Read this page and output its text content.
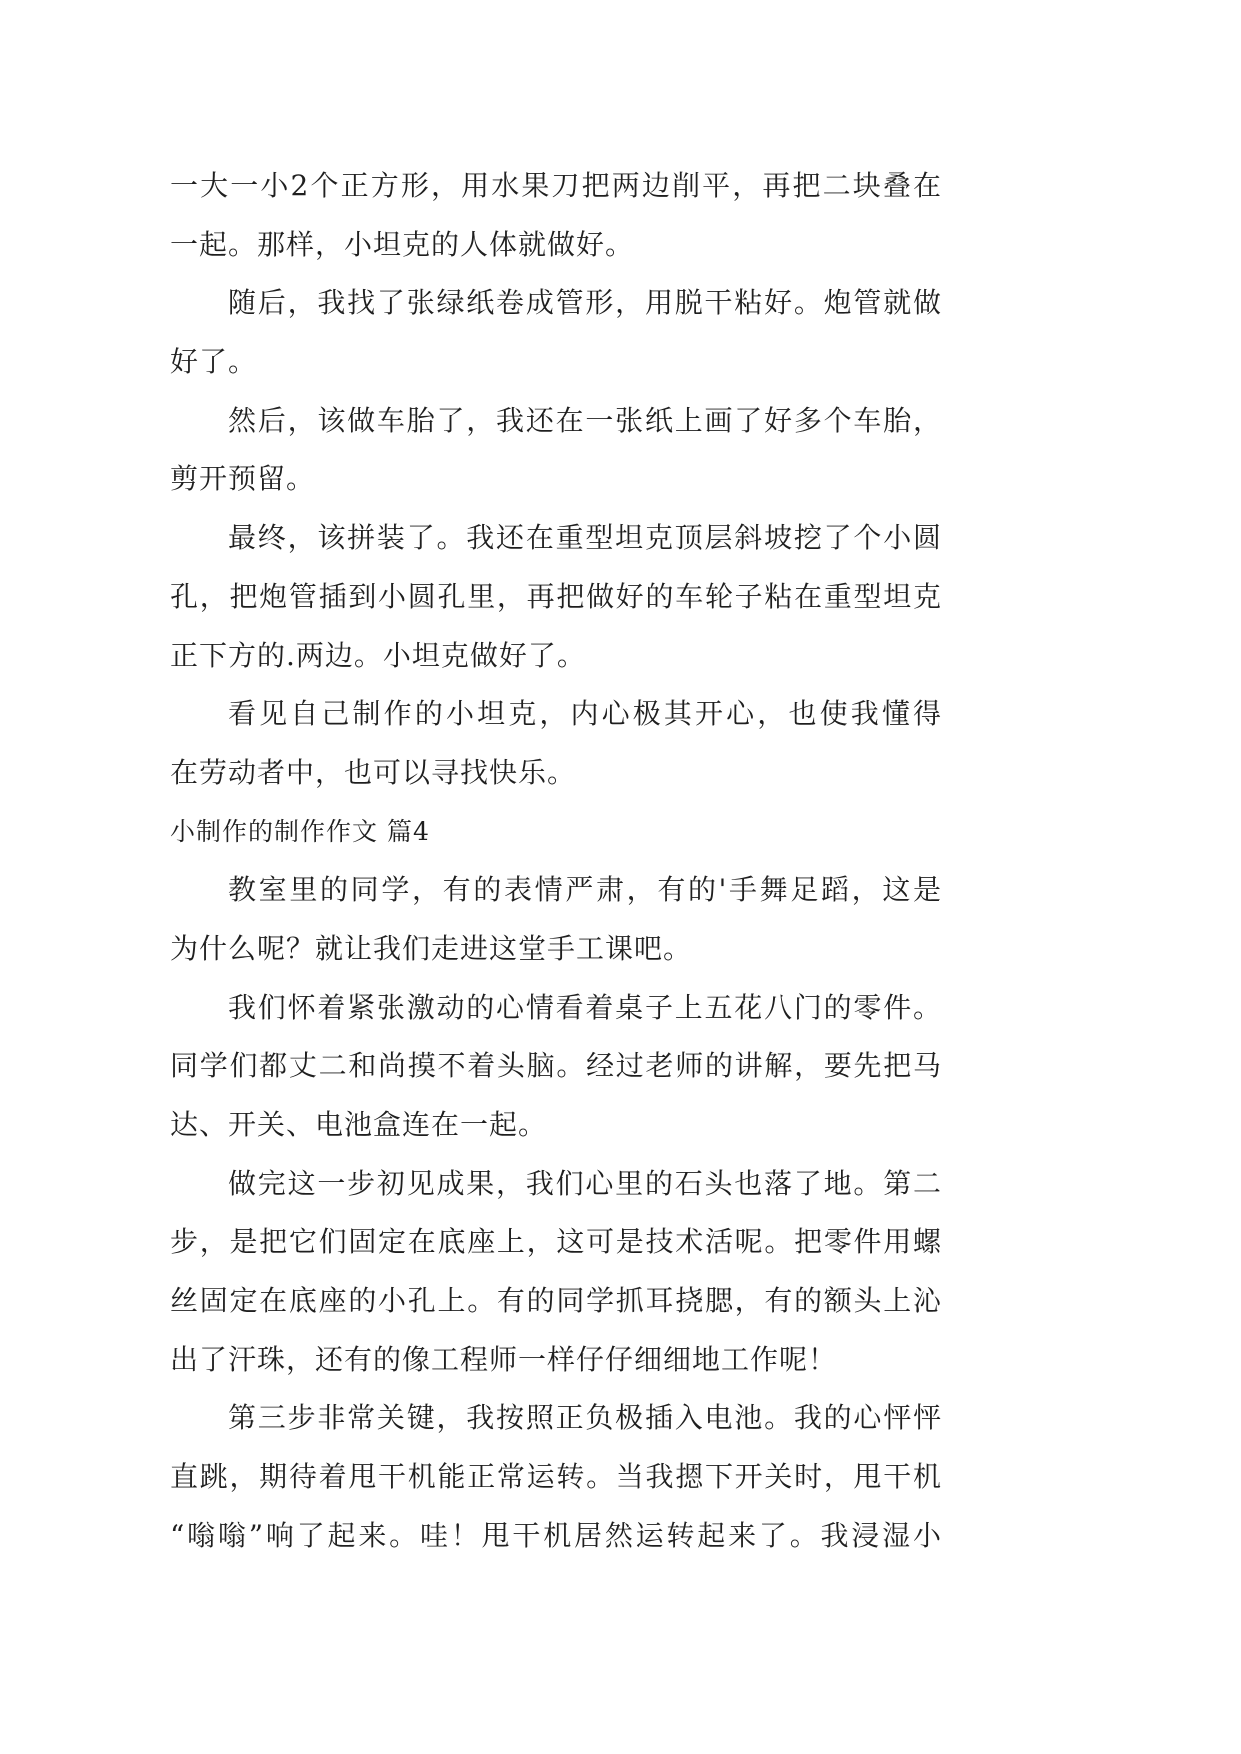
一大一小2个正方形，用水果刀把两边削平，再把二块叠在
一起。那样，小坦克的人体就做好。
随后，我找了张绿纸卷成管形，用脱干粘好。炮管就做
好了。
然后，该做车胎了，我还在一张纸上画了好多个车胎，
剪开预留。
最终，该拼装了。我还在重型坦克顶层斜坡挖了个小圆
孔，把炮管插到小圆孔里，再把做好的车轮子粘在重型坦克
正下方的.两边。小坦克做好了。
看见自己制作的小坦克，内心极其开心，也使我懂得
在劳动者中，也可以寻找快乐。
小制作的制作作文 篇4
教室里的同学，有的表情严肃，有的'手舞足蹈，这是
为什么呢？就让我们走进这堂手工课吧。
我们怀着紧张激动的心情看着桌子上五花八门的零件。
同学们都丈二和尚摸不着头脑。经过老师的讲解，要先把马
达、开关、电池盒连在一起。
做完这一步初见成果，我们心里的石头也落了地。第二
步，是把它们固定在底座上，这可是技术活呢。把零件用螺
丝固定在底座的小孔上。有的同学抓耳挠腮，有的额头上沁
出了汗珠，还有的像工程师一样仔仔细细地工作呢！
第三步非常关键，我按照正负极插入电池。我的心怦怦
直跳，期待着甩干机能正常运转。当我摁下开关时，甩干机
“嗡嗡”响了起来。哇！甩干机居然运转起来了。我浸湿小
